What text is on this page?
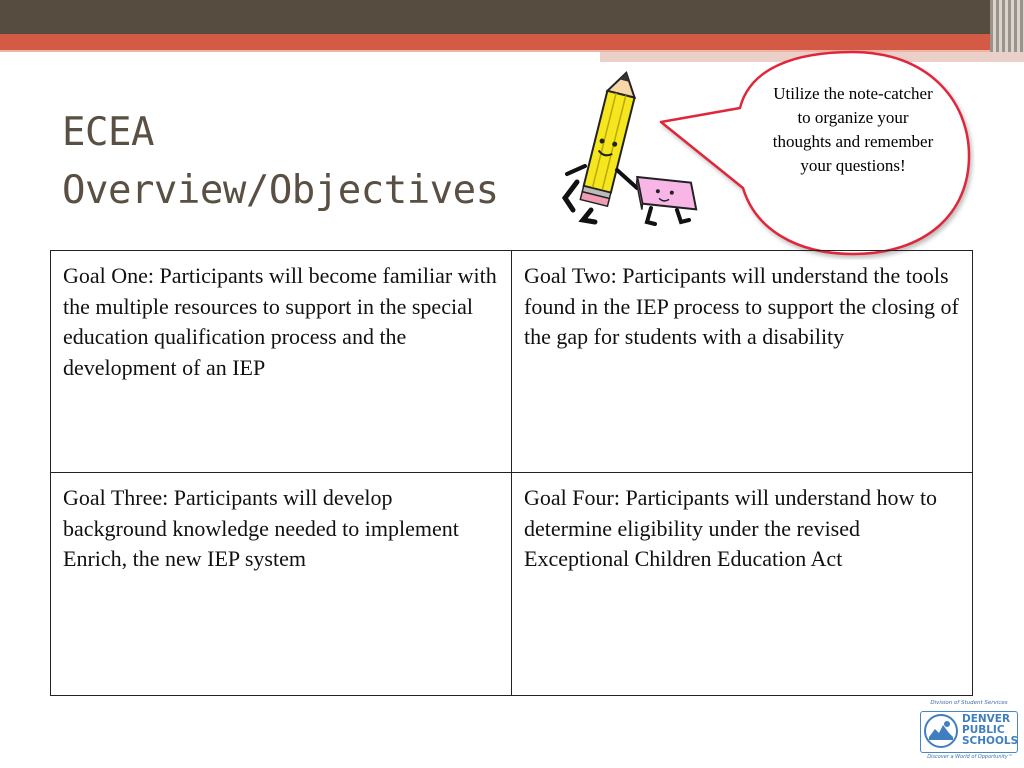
ECEA
Overview/Objectives
Utilize the note-catcher to organize your thoughts and remember your questions!
Goal One: Participants will become familiar with the multiple resources to support in the special education qualification process and the development of an IEP	Goal Two: Participants will understand the tools found in the IEP process to support the closing of the gap for students with a disability
Goal Three: Participants will develop background knowledge needed to implement Enrich, the new IEP system	Goal Four: Participants will understand how to determine eligibility under the revised Exceptional Children Education Act
Division of Student Services
DENVER
PUBLIC
SCHOOLS
Discover a World of Opportunity™
